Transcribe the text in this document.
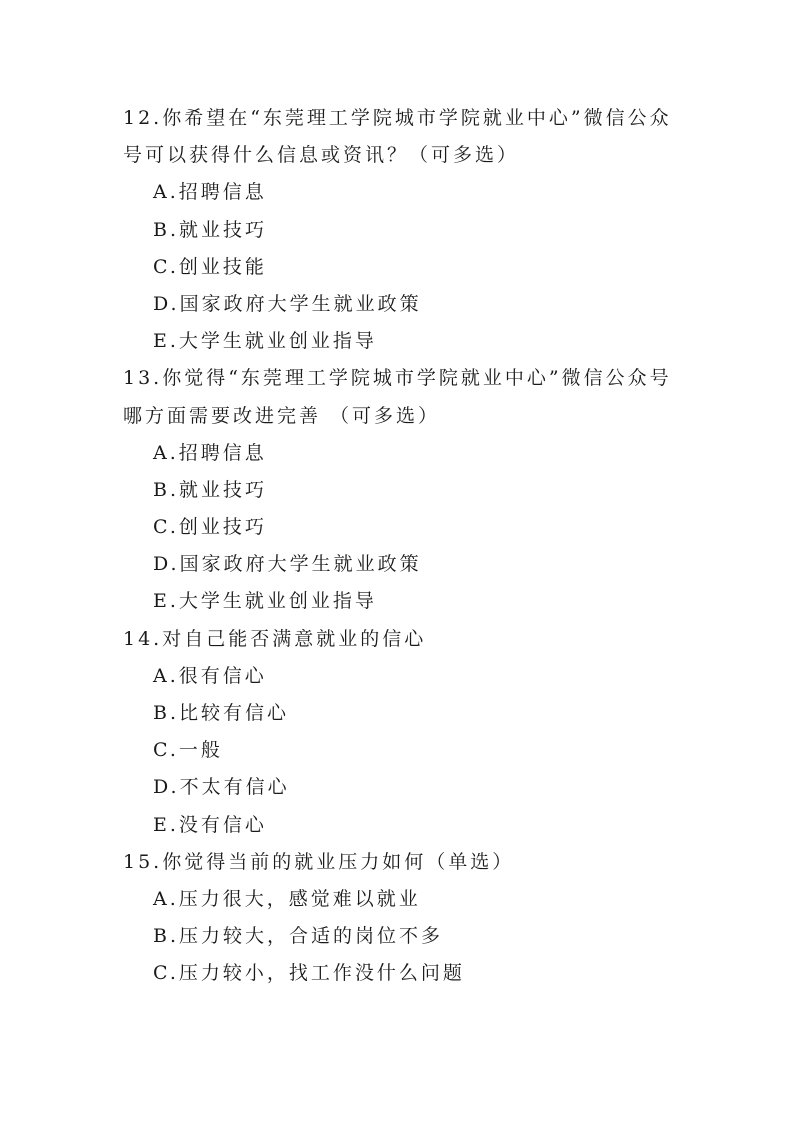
12.你希望在“东莞理工学院城市学院就业中心”微信公众
号可以获得什么信息或资讯？（可多选）
A.招聘信息
B.就业技巧
C.创业技能
D.国家政府大学生就业政策
E.大学生就业创业指导
13.你觉得“东莞理工学院城市学院就业中心”微信公众号
哪方面需要改进完善 （可多选）
A.招聘信息
B.就业技巧
C.创业技巧
D.国家政府大学生就业政策
E.大学生就业创业指导
14.对自己能否满意就业的信心
A.很有信心
B.比较有信心
C.一般
D.不太有信心
E.没有信心
15.你觉得当前的就业压力如何（单选）
A.压力很大，感觉难以就业
B.压力较大，合适的岗位不多
C.压力较小，找工作没什么问题
